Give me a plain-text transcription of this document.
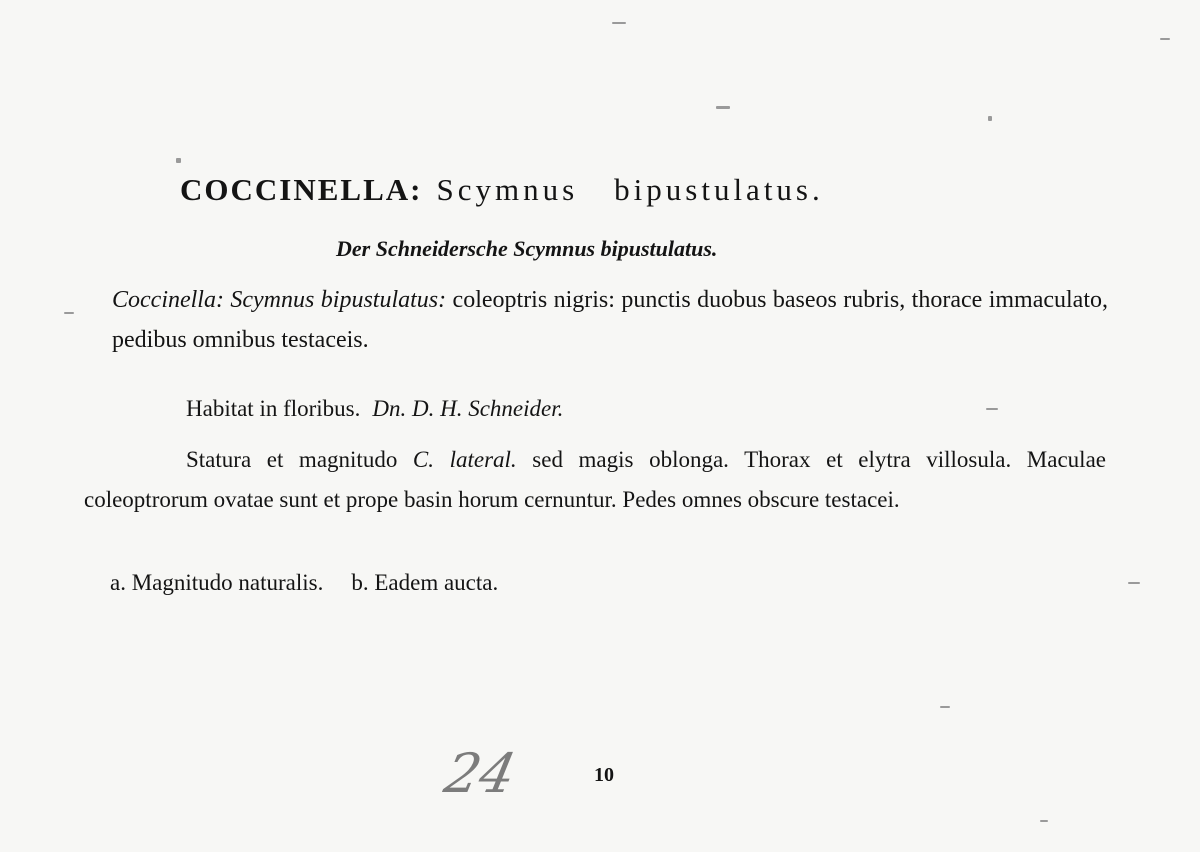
COCCINELLA: Scymnus bipustulatus.
Der Schneidersche Scymnus bipustulatus.
Coccinella: Scymnus bipustulatus: coleoptris nigris: punctis duobus baseos rubris, thorace immaculato, pedibus omnibus testaceis.
Habitat in floribus. Dn. D. H. Schneider.
Statura et magnitudo C. lateral. sed magis oblonga. Thorax et elytra villosula. Maculae coleoptrorum ovatae sunt et prope basin horum cernuntur. Pedes omnes obscure testacei.
a. Magnitudo naturalis. b. Eadem aucta.
24	10
